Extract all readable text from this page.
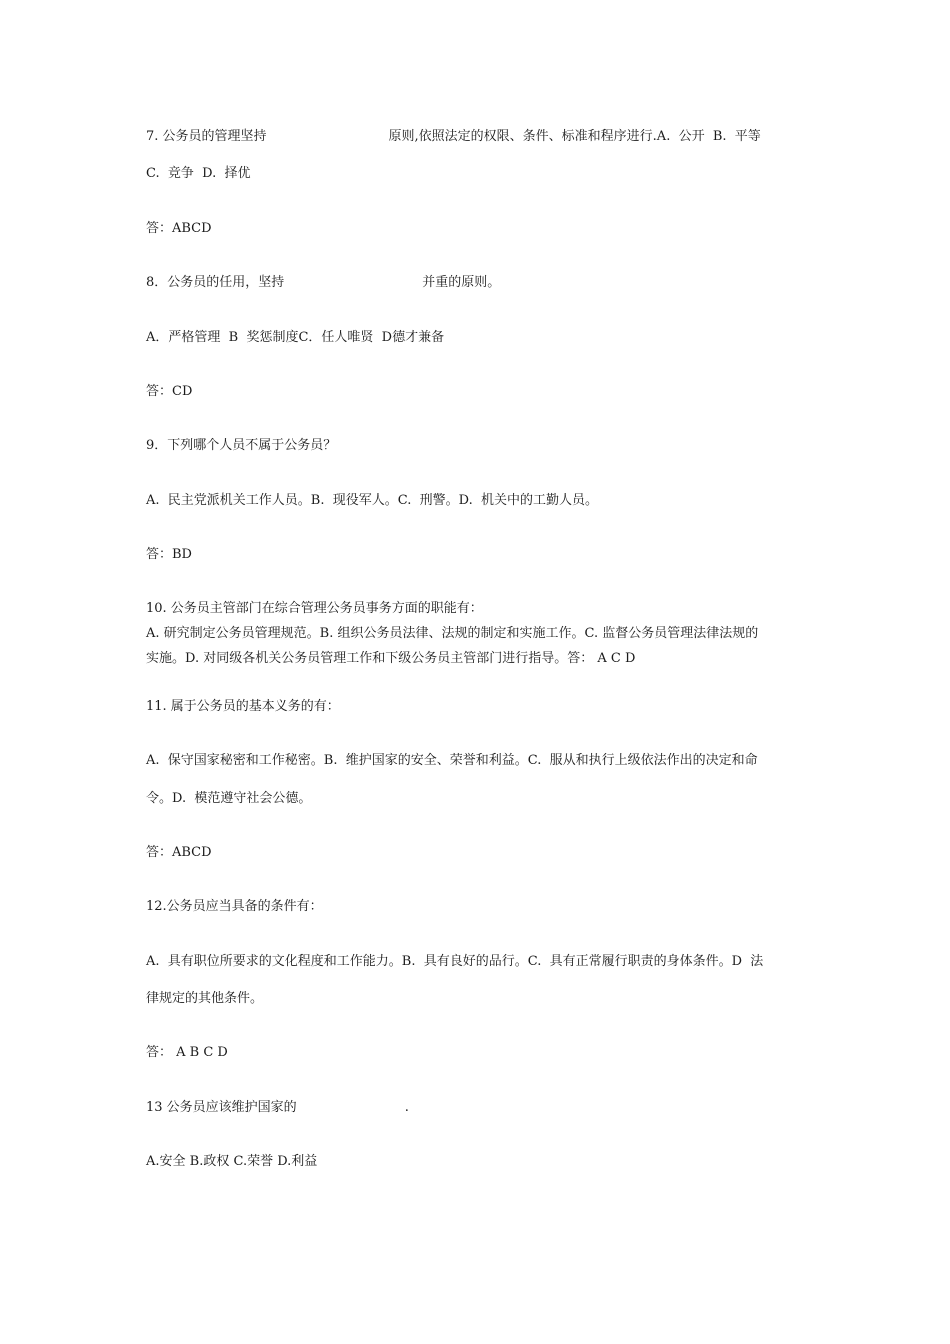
7. 公务员的管理坚持	原则,依照法定的权限、条件、标准和程序进行.A.  公开  B.  平等
C.  竞争  D.  择优
答：ABCD
8．公务员的任用，坚持	并重的原则。
A．严格管理  B  奖惩制度C．任人唯贤  D德才兼备
答：CD
9．下列哪个人员不属于公务员？
A.  民主党派机关工作人员。B.  现役军人。C.  刑警。D.  机关中的工勤人员。
答：BD
10. 公务员主管部门在综合管理公务员事务方面的职能有：
A. 研究制定公务员管理规范。B. 组织公务员法律、法规的制定和实施工作。C. 监督公务员管理法律法规的
实施。D. 对同级各机关公务员管理工作和下级公务员主管部门进行指导。答： A C D
11. 属于公务员的基本义务的有：
A.  保守国家秘密和工作秘密。B.  维护国家的安全、荣誉和利益。C.  服从和执行上级依法作出的决定和命
令。D.  模范遵守社会公德。
答：ABCD
12.公务员应当具备的条件有：
A.  具有职位所要求的文化程度和工作能力。B.  具有良好的品行。C.  具有正常履行职责的身体条件。D  法
律规定的其他条件。
答： A B C D
13 公务员应该维护国家的	.
A.安全 B.政权 C.荣誉 D.利益
